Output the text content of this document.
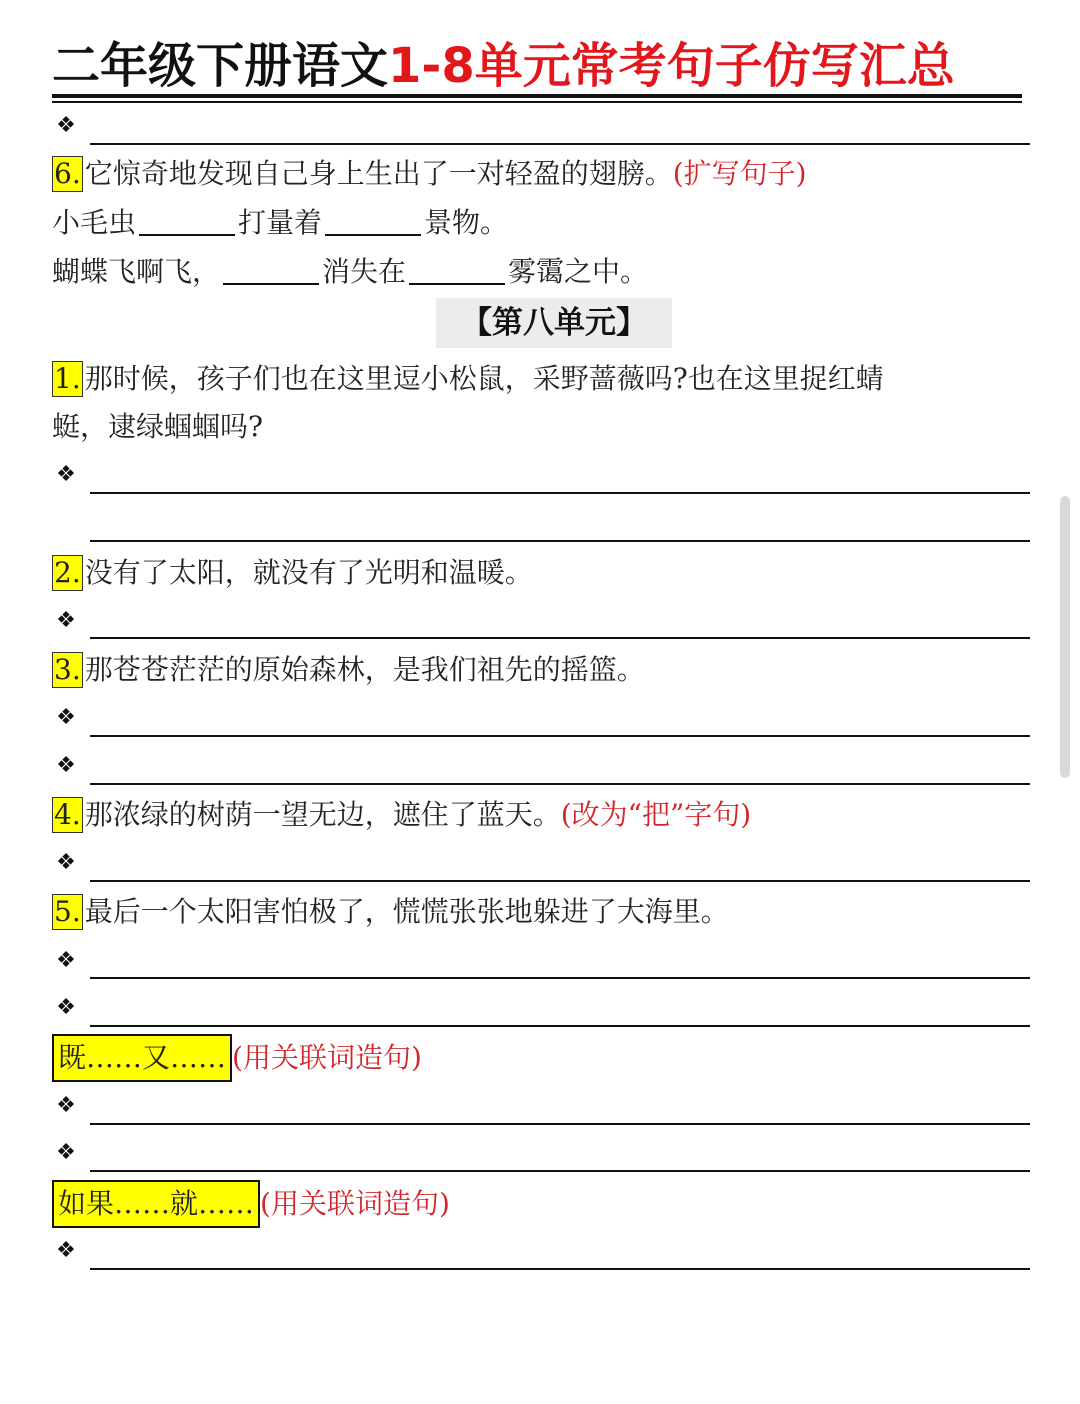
二年级下册语文1-8单元常考句子仿写汇总
❖
6. 它惊奇地发现自己身上生出了一对轻盈的翅膀。(扩写句子)
小毛虫	打量着	景物。
蝴蝶飞啊飞，	消失在	雾霭之中。
【第八单元】
1. 那时候，孩子们也在这里逗小松鼠，采野蔷薇吗?也在这里捉红蜻
蜓，逮绿蝈蝈吗?
❖
2. 没有了太阳，就没有了光明和温暖。
❖
3. 那苍苍茫茫的原始森林，是我们祖先的摇篮。
❖
❖
4. 那浓绿的树荫一望无边，遮住了蓝天。(改为“把”字句)
❖
5. 最后一个太阳害怕极了，慌慌张张地躲进了大海里。
❖
❖
既……又…… (用关联词造句)
❖
❖
如果……就…… (用关联词造句)
❖
